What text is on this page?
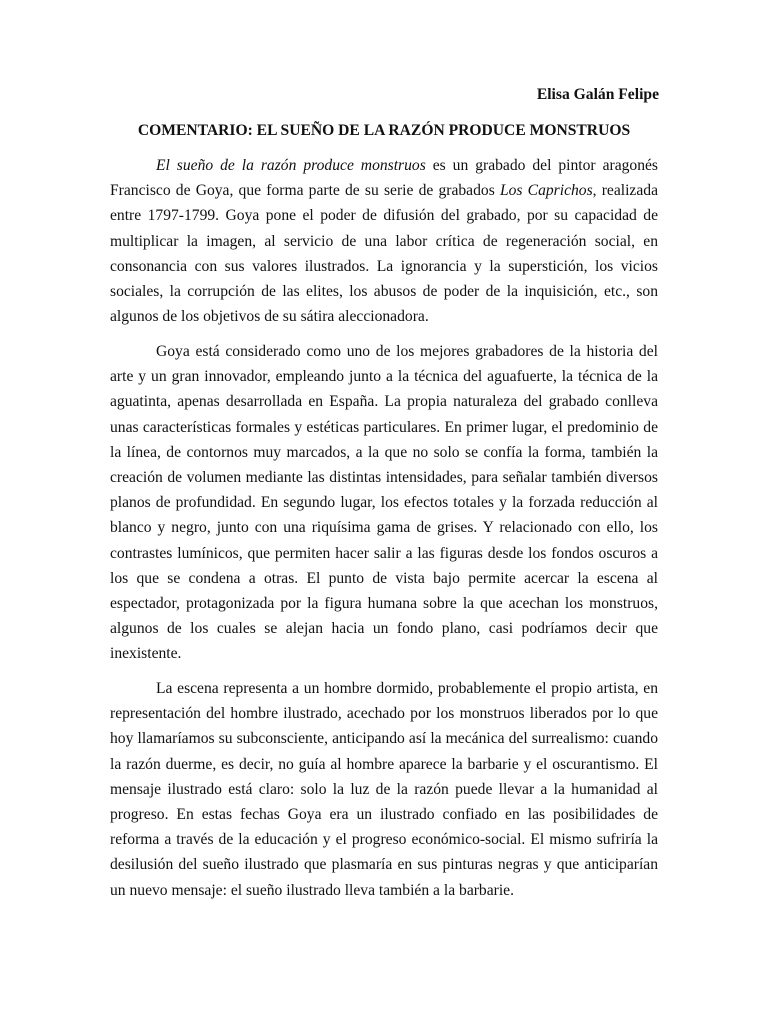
Elisa Galán Felipe
COMENTARIO: EL SUEÑO DE LA RAZÓN PRODUCE MONSTRUOS

El sueño de la razón produce monstruos es un grabado del pintor aragonés Francisco de Goya, que forma parte de su serie de grabados Los Caprichos, realizada entre 1797-1799. Goya pone el poder de difusión del grabado, por su capacidad de multiplicar la imagen, al servicio de una labor crítica de regeneración social, en consonancia con sus valores ilustrados. La ignorancia y la superstición, los vicios sociales, la corrupción de las elites, los abusos de poder de la inquisición, etc., son algunos de los objetivos de su sátira aleccionadora.

Goya está considerado como uno de los mejores grabadores de la historia del arte y un gran innovador, empleando junto a la técnica del aguafuerte, la técnica de la aguatinta, apenas desarrollada en España. La propia naturaleza del grabado conlleva unas características formales y estéticas particulares. En primer lugar, el predominio de la línea, de contornos muy marcados, a la que no solo se confía la forma, también la creación de volumen mediante las distintas intensidades, para señalar también diversos planos de profundidad. En segundo lugar, los efectos totales y la forzada reducción al blanco y negro, junto con una riquísima gama de grises. Y relacionado con ello, los contrastes lumínicos, que permiten hacer salir a las figuras desde los fondos oscuros a los que se condena a otras. El punto de vista bajo permite acercar la escena al espectador, protagonizada por la figura humana sobre la que acechan los monstruos, algunos de los cuales se alejan hacia un fondo plano, casi podríamos decir que inexistente.

La escena representa a un hombre dormido, probablemente el propio artista, en representación del hombre ilustrado, acechado por los monstruos liberados por lo que hoy llamaríamos su subconsciente, anticipando así la mecánica del surrealismo: cuando la razón duerme, es decir, no guía al hombre aparece la barbarie y el oscurantismo. El mensaje ilustrado está claro: solo la luz de la razón puede llevar a la humanidad al progreso. En estas fechas Goya era un ilustrado confiado en las posibilidades de reforma a través de la educación y el progreso económico-social. El mismo sufriría la desilusión del sueño ilustrado que plasmaría en sus pinturas negras y que anticiparían un nuevo mensaje: el sueño ilustrado lleva también a la barbarie.
